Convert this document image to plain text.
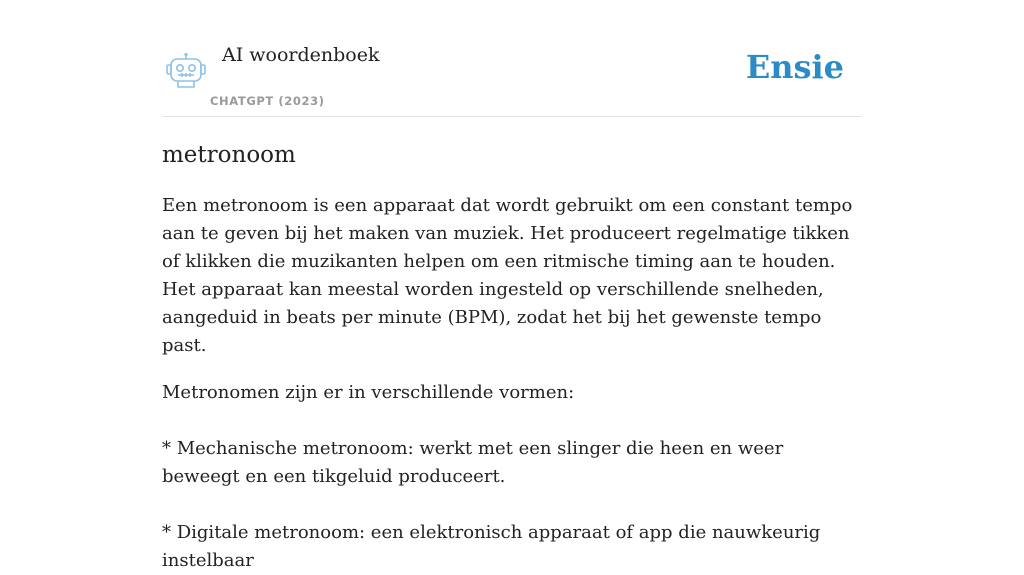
AI woordenboek
CHATGPT (2023)
Ensie
metronoom

Een metronoom is een apparaat dat wordt gebruikt om een constant tempo aan te geven bij het maken van muziek. Het produceert regelmatige tikken of klikken die muzikanten helpen om een ritmische timing aan te houden. Het apparaat kan meestal worden ingesteld op verschillende snelheden, aangeduid in beats per minute (BPM), zodat het bij het gewenste tempo past.

Metronomen zijn er in verschillende vormen:

* Mechanische metronoom: werkt met een slinger die heen en weer beweegt en een tikgeluid produceert.

* Digitale metronoom: een elektronisch apparaat of app die nauwkeurig instelbaar
